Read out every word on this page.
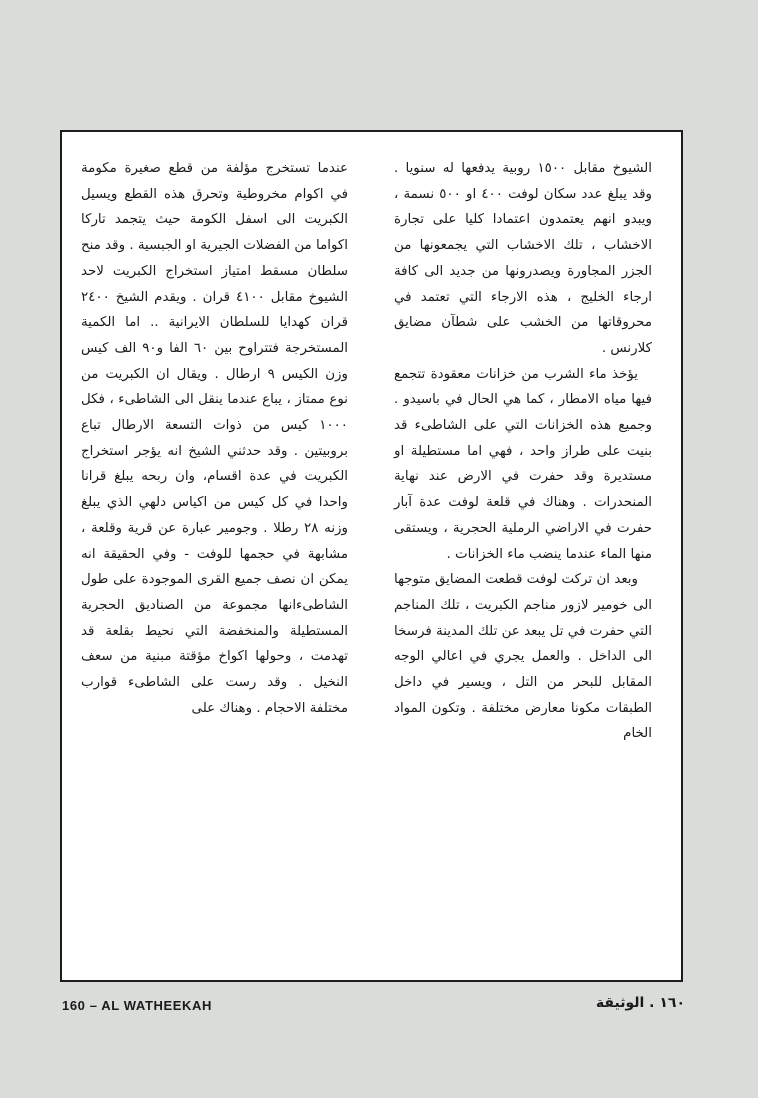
الشيوخ مقابل ١٥٠٠ روبية يدفعها له سنويا . وقد يبلغ عدد سكان لوفت ٤٠٠ او ٥٠٠ نسمة ، ويبدو انهم يعتمدون اعتمادا كليا على تجارة الاخشاب ، تلك الاخشاب التي يجمعونها من الجزر المجاورة ويصدرونها من جديد الى كافة ارجاء الخليج ، هذه الارجاء التي تعتمد في محروقاتها من الخشب على شطآن مضايق كلارنس .

يؤخذ ماء الشرب من خزانات معقودة تتجمع فيها مياه الامطار ، كما هي الحال في باسيدو . وجميع هذه الخزانات التي على الشاطىء قد بنيت على طراز واحد ، فهي اما مستطيلة او مستديرة وقد حفرت في الارض عند نهاية المنحدرات . وهناك في قلعة لوفت عدة آبار حفرت في الاراضي الرملية الحجرية ، ويستقى منها الماء عندما ينضب ماء الخزانات .

وبعد ان تركت لوفت قطعت المضايق متوجها الى خومير لازور مناجم الكبريت ، تلك المناجم التي حفرت في تل يبعد عن تلك المدينة فرسخا الى الداخل . والعمل يجري في اعالي الوجه المقابل للبحر من التل ، ويسير في داخل الطبقات مكونا معارض مختلفة . وتكون المواد الخام

عندما تستخرج مؤلفة من قطع صغيرة مكومة في اكوام مخروطية وتحرق هذه القطع ويسيل الكبريت الى اسفل الكومة حيث يتجمد تاركا اكواما من الفضلات الجيرية او الجبسية . وقد منح سلطان مسقط امتياز استخراج الكبريت لاحد الشيوخ مقابل ٤١٠٠ قران . ويقدم الشيخ ٢٤٠٠ قران كهدايا للسلطان الايرانية .. اما الكمية المستخرجة فتتراوح بين ٦٠ الفا و٩٠ الف كيس وزن الكيس ٩ ارطال . ويقال ان الكبريت من نوع ممتاز ، يباع عندما ينقل الى الشاطىء ، فكل ١٠٠٠ كيس من ذوات التسعة الارطال تباع بروبيتين . وقد حدثني الشيخ انه يؤجر استخراج الكبريت في عدة اقسام، وان ربحه يبلغ قرانا واحدا في كل كيس من اكياس دلهي الذي يبلغ وزنه ٢٨ رطلا . وجومير عبارة عن قرية وقلعة ، مشابهة في حجمها للوفت - وفي الحقيقة انه يمكن ان نصف جميع القرى الموجودة على طول الشاطىءانها مجموعة من الصناديق الحجرية المستطيلة والمنخفضة التي نحيط بقلعة قد تهدمت ، وحولها اكواخ مؤقتة مبنية من سعف النخيل . وقد رست على الشاطىء قوارب مختلفة الاحجام . وهناك على

160 – AL WATHEEKAH	١٦٠ . الوثيقة
